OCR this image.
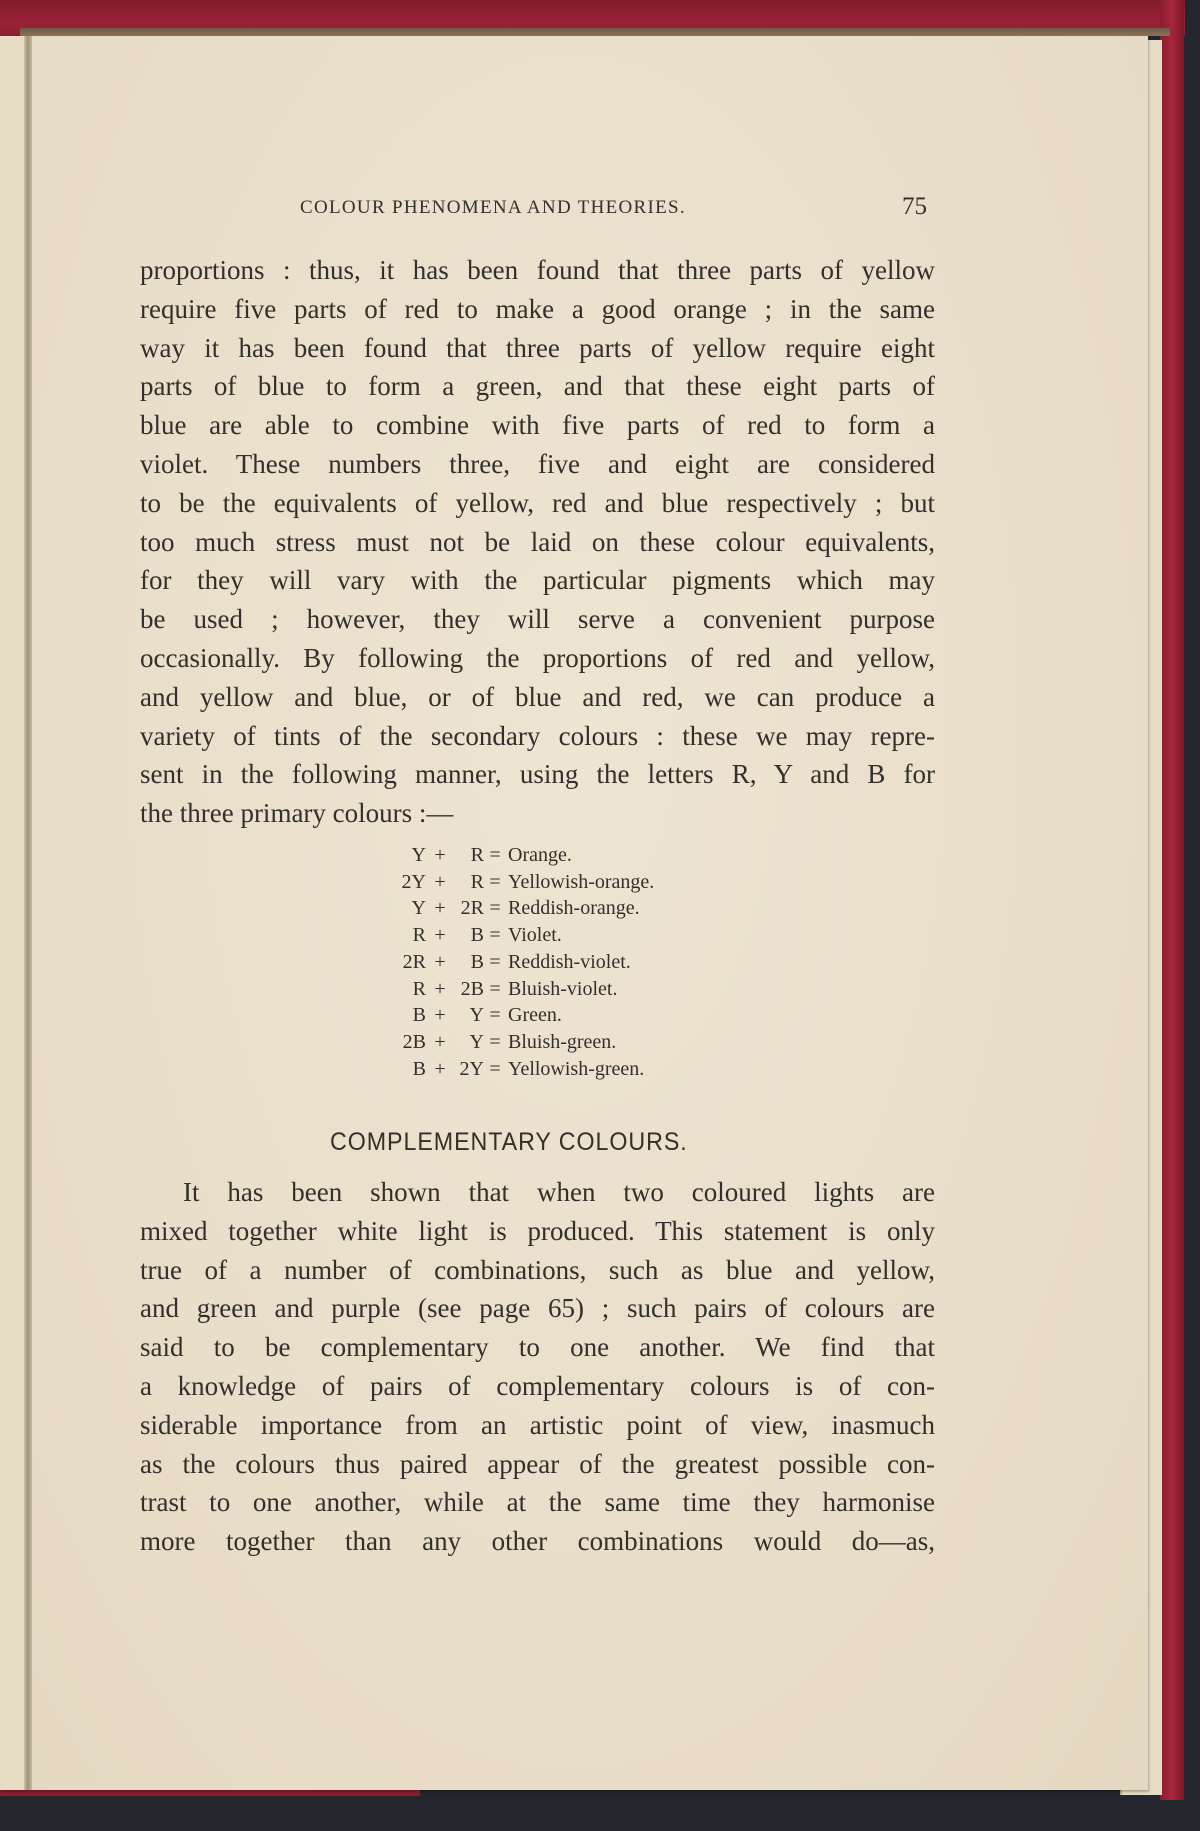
COLOUR PHENOMENA AND THEORIES.	75
proportions : thus, it has been found that three parts of yellow
require five parts of red to make a good orange ; in the same
way it has been found that three parts of yellow require eight
parts of blue to form a green, and that these eight parts of
blue are able to combine with five parts of red to form a
violet. These numbers three, five and eight are considered
to be the equivalents of yellow, red and blue respectively ; but
too much stress must not be laid on these colour equivalents,
for they will vary with the particular pigments which may
be used ; however, they will serve a convenient purpose
occasionally. By following the proportions of red and yellow,
and yellow and blue, or of blue and red, we can produce a
variety of tints of the secondary colours : these we may repre-
sent in the following manner, using the letters R, Y and B for
the three primary colours :—
Y +	R = Orange.
2Y +	R = Yellowish-orange.
Y + 2R = Reddish-orange.
R +	B = Violet.
2R +	B = Reddish-violet.
R + 2B = Bluish-violet.
B +	Y = Green.
2B +	Y = Bluish-green.
B + 2Y = Yellowish-green.
COMPLEMENTARY COLOURS.
It has been shown that when two coloured lights are
mixed together white light is produced. This statement is only
true of a number of combinations, such as blue and yellow,
and green and purple (see page 65) ; such pairs of colours are
said to be complementary to one another. We find that
a knowledge of pairs of complementary colours is of con-
siderable importance from an artistic point of view, inasmuch
as the colours thus paired appear of the greatest possible con-
trast to one another, while at the same time they harmonise
more together than any other combinations would do—as,
